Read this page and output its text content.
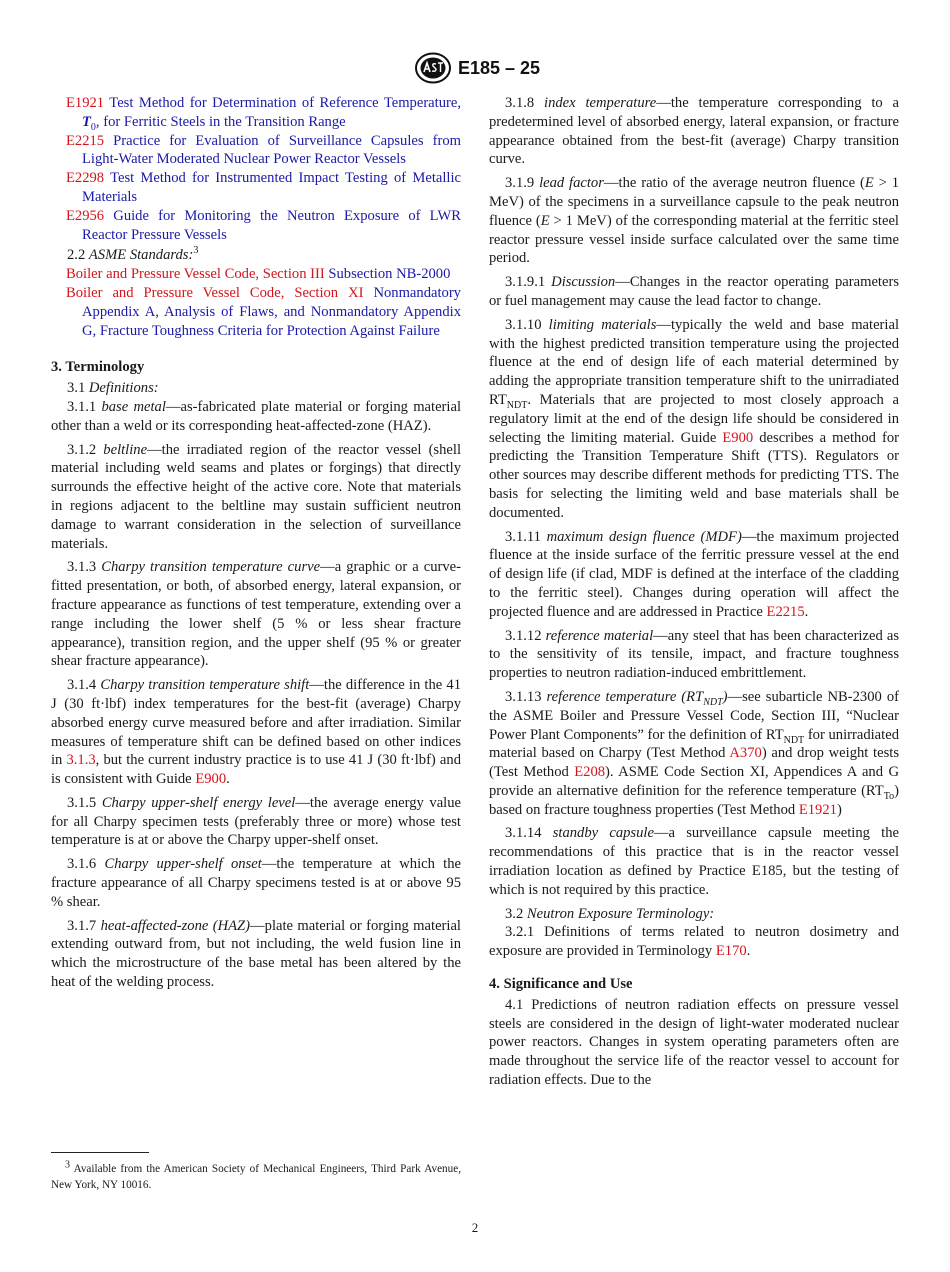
E185 – 25

E1921 Test Method for Determination of Reference Temperature, $T_0$, for Ferritic Steels in the Transition Range

E2215 Practice for Evaluation of Surveillance Capsules from Light-Water Moderated Nuclear Power Reactor Vessels

E2298 Test Method for Instrumented Impact Testing of Metallic Materials

E2956 Guide for Monitoring the Neutron Exposure of LWR Reactor Pressure Vessels

2.2 ASME Standards:$^3$

Boiler and Pressure Vessel Code, Section III Subsection NB-2000

Boiler and Pressure Vessel Code, Section XI Nonmandatory Appendix A, Analysis of Flaws, and Nonmandatory Appendix G, Fracture Toughness Criteria for Protection Against Failure

3. Terminology

3.1 Definitions:

3.1.1 base metal—as-fabricated plate material or forging material other than a weld or its corresponding heat-affected-zone (HAZ).

3.1.2 beltline—the irradiated region of the reactor vessel (shell material including weld seams and plates or forgings) that directly surrounds the effective height of the active core. Note that materials in regions adjacent to the beltline may sustain sufficient neutron damage to warrant consideration in the selection of surveillance materials.

3.1.3 Charpy transition temperature curve—a graphic or a curve-fitted presentation, or both, of absorbed energy, lateral expansion, or fracture appearance as functions of test temperature, extending over a range including the lower shelf (5 % or less shear fracture appearance), transition region, and the upper shelf (95 % or greater shear fracture appearance).

3.1.4 Charpy transition temperature shift—the difference in the 41 J (30 ft·lbf) index temperatures for the best-fit (average) Charpy absorbed energy curve measured before and after irradiation. Similar measures of temperature shift can be defined based on other indices in 3.1.3, but the current industry practice is to use 41 J (30 ft·lbf) and is consistent with Guide E900.

3.1.5 Charpy upper-shelf energy level—the average energy value for all Charpy specimen tests (preferably three or more) whose test temperature is at or above the Charpy upper-shelf onset.

3.1.6 Charpy upper-shelf onset—the temperature at which the fracture appearance of all Charpy specimens tested is at or above 95 % shear.

3.1.7 heat-affected-zone (HAZ)—plate material or forging material extending outward from, but not including, the weld fusion line in which the microstructure of the base metal has been altered by the heat of the welding process.

3.1.8 index temperature—the temperature corresponding to a predetermined level of absorbed energy, lateral expansion, or fracture appearance obtained from the best-fit (average) Charpy transition curve.

3.1.9 lead factor—the ratio of the average neutron fluence (E > 1 MeV) of the specimens in a surveillance capsule to the peak neutron fluence (E > 1 MeV) of the corresponding material at the ferritic steel reactor pressure vessel inside surface calculated over the same time period.

3.1.9.1 Discussion—Changes in the reactor operating parameters or fuel management may cause the lead factor to change.

3.1.10 limiting materials—typically the weld and base material with the highest predicted transition temperature using the projected fluence at the end of design life of each material determined by adding the appropriate transition temperature shift to the unirradiated $RT_{NDT}$. Materials that are projected to most closely approach a regulatory limit at the end of the design life should be considered in selecting the limiting material. Guide E900 describes a method for predicting the Transition Temperature Shift (TTS). Regulators or other sources may describe different methods for predicting TTS. The basis for selecting the limiting weld and base materials shall be documented.

3.1.11 maximum design fluence (MDF)—the maximum projected fluence at the inside surface of the ferritic pressure vessel at the end of design life (if clad, MDF is defined at the interface of the cladding to the ferritic steel). Changes during operation will affect the projected fluence and are addressed in Practice E2215.

3.1.12 reference material—any steel that has been characterized as to the sensitivity of its tensile, impact, and fracture toughness properties to neutron radiation-induced embrittlement.

3.1.13 reference temperature $(RT_{NDT})—see$ subarticle NB-2300 of the ASME Boiler and Pressure Vessel Code, Section III, “Nuclear Power Plant Components” for the definition of $RT_{NDT}$ for unirradiated material based on Charpy (Test Method A370) and drop weight tests (Test Method E208). ASME Code Section XI, Appendices A and G provide an alternative definition for the reference temperature $(RT_{To})$ based on fracture toughness properties (Test Method E1921)

3.1.14 standby capsule—a surveillance capsule meeting the recommendations of this practice that is in the reactor vessel irradiation location as defined by Practice E185, but the testing of which is not required by this practice.

3.2 Neutron Exposure Terminology:

3.2.1 Definitions of terms related to neutron dosimetry and exposure are provided in Terminology E170.

4. Significance and Use

4.1 Predictions of neutron radiation effects on pressure vessel steels are considered in the design of light-water moderated nuclear power reactors. Changes in system operating parameters often are made throughout the service life of the reactor vessel to account for radiation effects. Due to the

$^3$ Available from the American Society of Mechanical Engineers, Third Park Avenue, New York, NY 10016.
2
